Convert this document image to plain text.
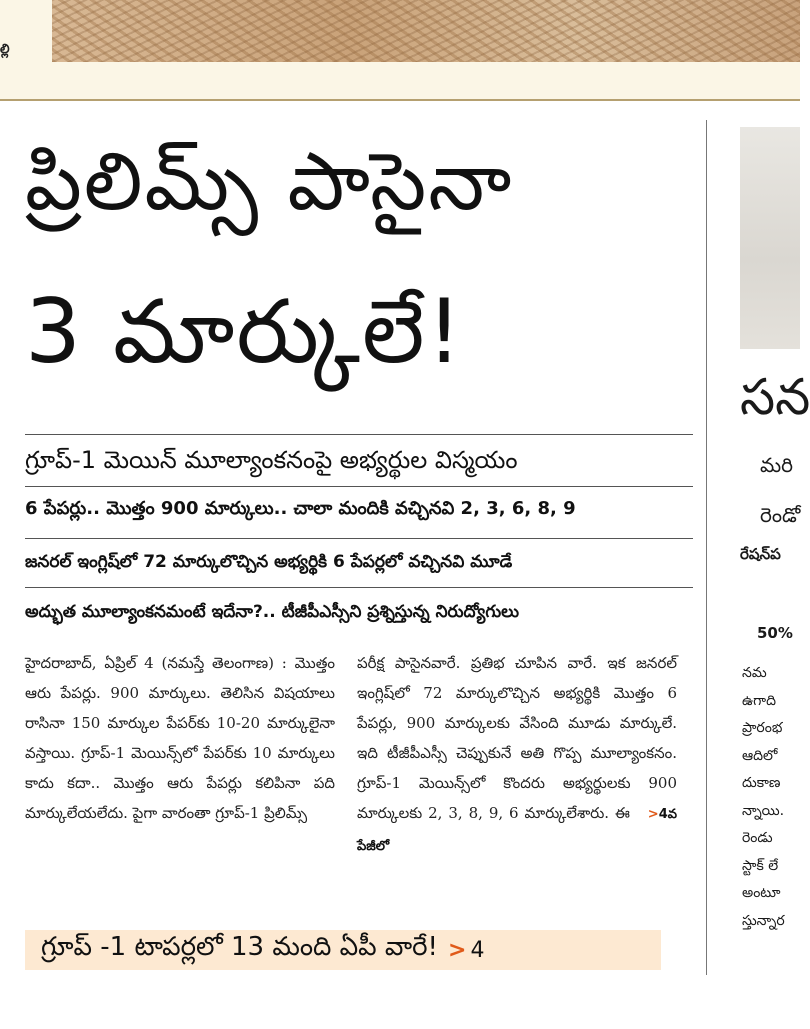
ల్లి
ప్రిలిమ్స్ పాసైనా
3 మార్కులే!
గ్రూప్-1 మెయిన్ మూల్యాంకనంపై అభ్యర్థుల విస్మయం
6 పేపర్లు.. మొత్తం 900 మార్కులు.. చాలా మందికి వచ్చినవి 2, 3, 6, 8, 9
జనరల్ ఇంగ్లిష్‌లో 72 మార్కులొచ్చిన అభ్యర్థికి 6 పేపర్లలో వచ్చినవి మూడే
అద్భుత మూల్యాంకనమంటే ఇదేనా?.. టీజీపీఎస్సీని ప్రశ్నిస్తున్న నిరుద్యోగులు
హైదరాబాద్, ఏప్రిల్ 4 (నమస్తే తెలంగాణ) : మొత్తం ఆరు పేపర్లు. 900 మార్కులు. తెలిసిన విషయాలు రాసినా 150 మార్కుల పేపర్‌కు 10-20 మార్కులైనా వస్తాయి. గ్రూప్-1 మెయిన్స్‌లో పేపర్‌కు 10 మార్కులు కాదు కదా.. మొత్తం ఆరు పేపర్లు కలిపినా పది మార్కులేయలేదు. పైగా వారంతా గ్రూప్-1 ప్రిలిమ్స్
పరీక్ష పాసైనవారే. ప్రతిభ చూపిన వారే. ఇక జనరల్ ఇంగ్లిష్‌లో 72 మార్కులొచ్చిన అభ్యర్థికి మొత్తం 6 పేపర్లు, 900 మార్కులకు వేసింది మూడు మార్కులే. ఇది టీజీపీఎస్సీ చెప్పుకునే అతి గొప్ప మూల్యాంకనం. గ్రూప్-1 మెయిన్స్‌లో కొందరు అభ్యర్థులకు 900 మార్కులకు 2, 3, 8, 9, 6 మార్కులేశారు. ఈ >4వ పేజీలో
గ్రూప్ -1 టాపర్లలో 13 మంది ఏపీ వారే! > 4
సన
మరి
రెండో
రేషన్‌ప
50%
నమ
ఉగాది
ప్రారంభ
ఆదిలో
దుకాణ
న్నాయి.
రెండు
స్టాక్ లే
అంటూ
స్తున్నార
